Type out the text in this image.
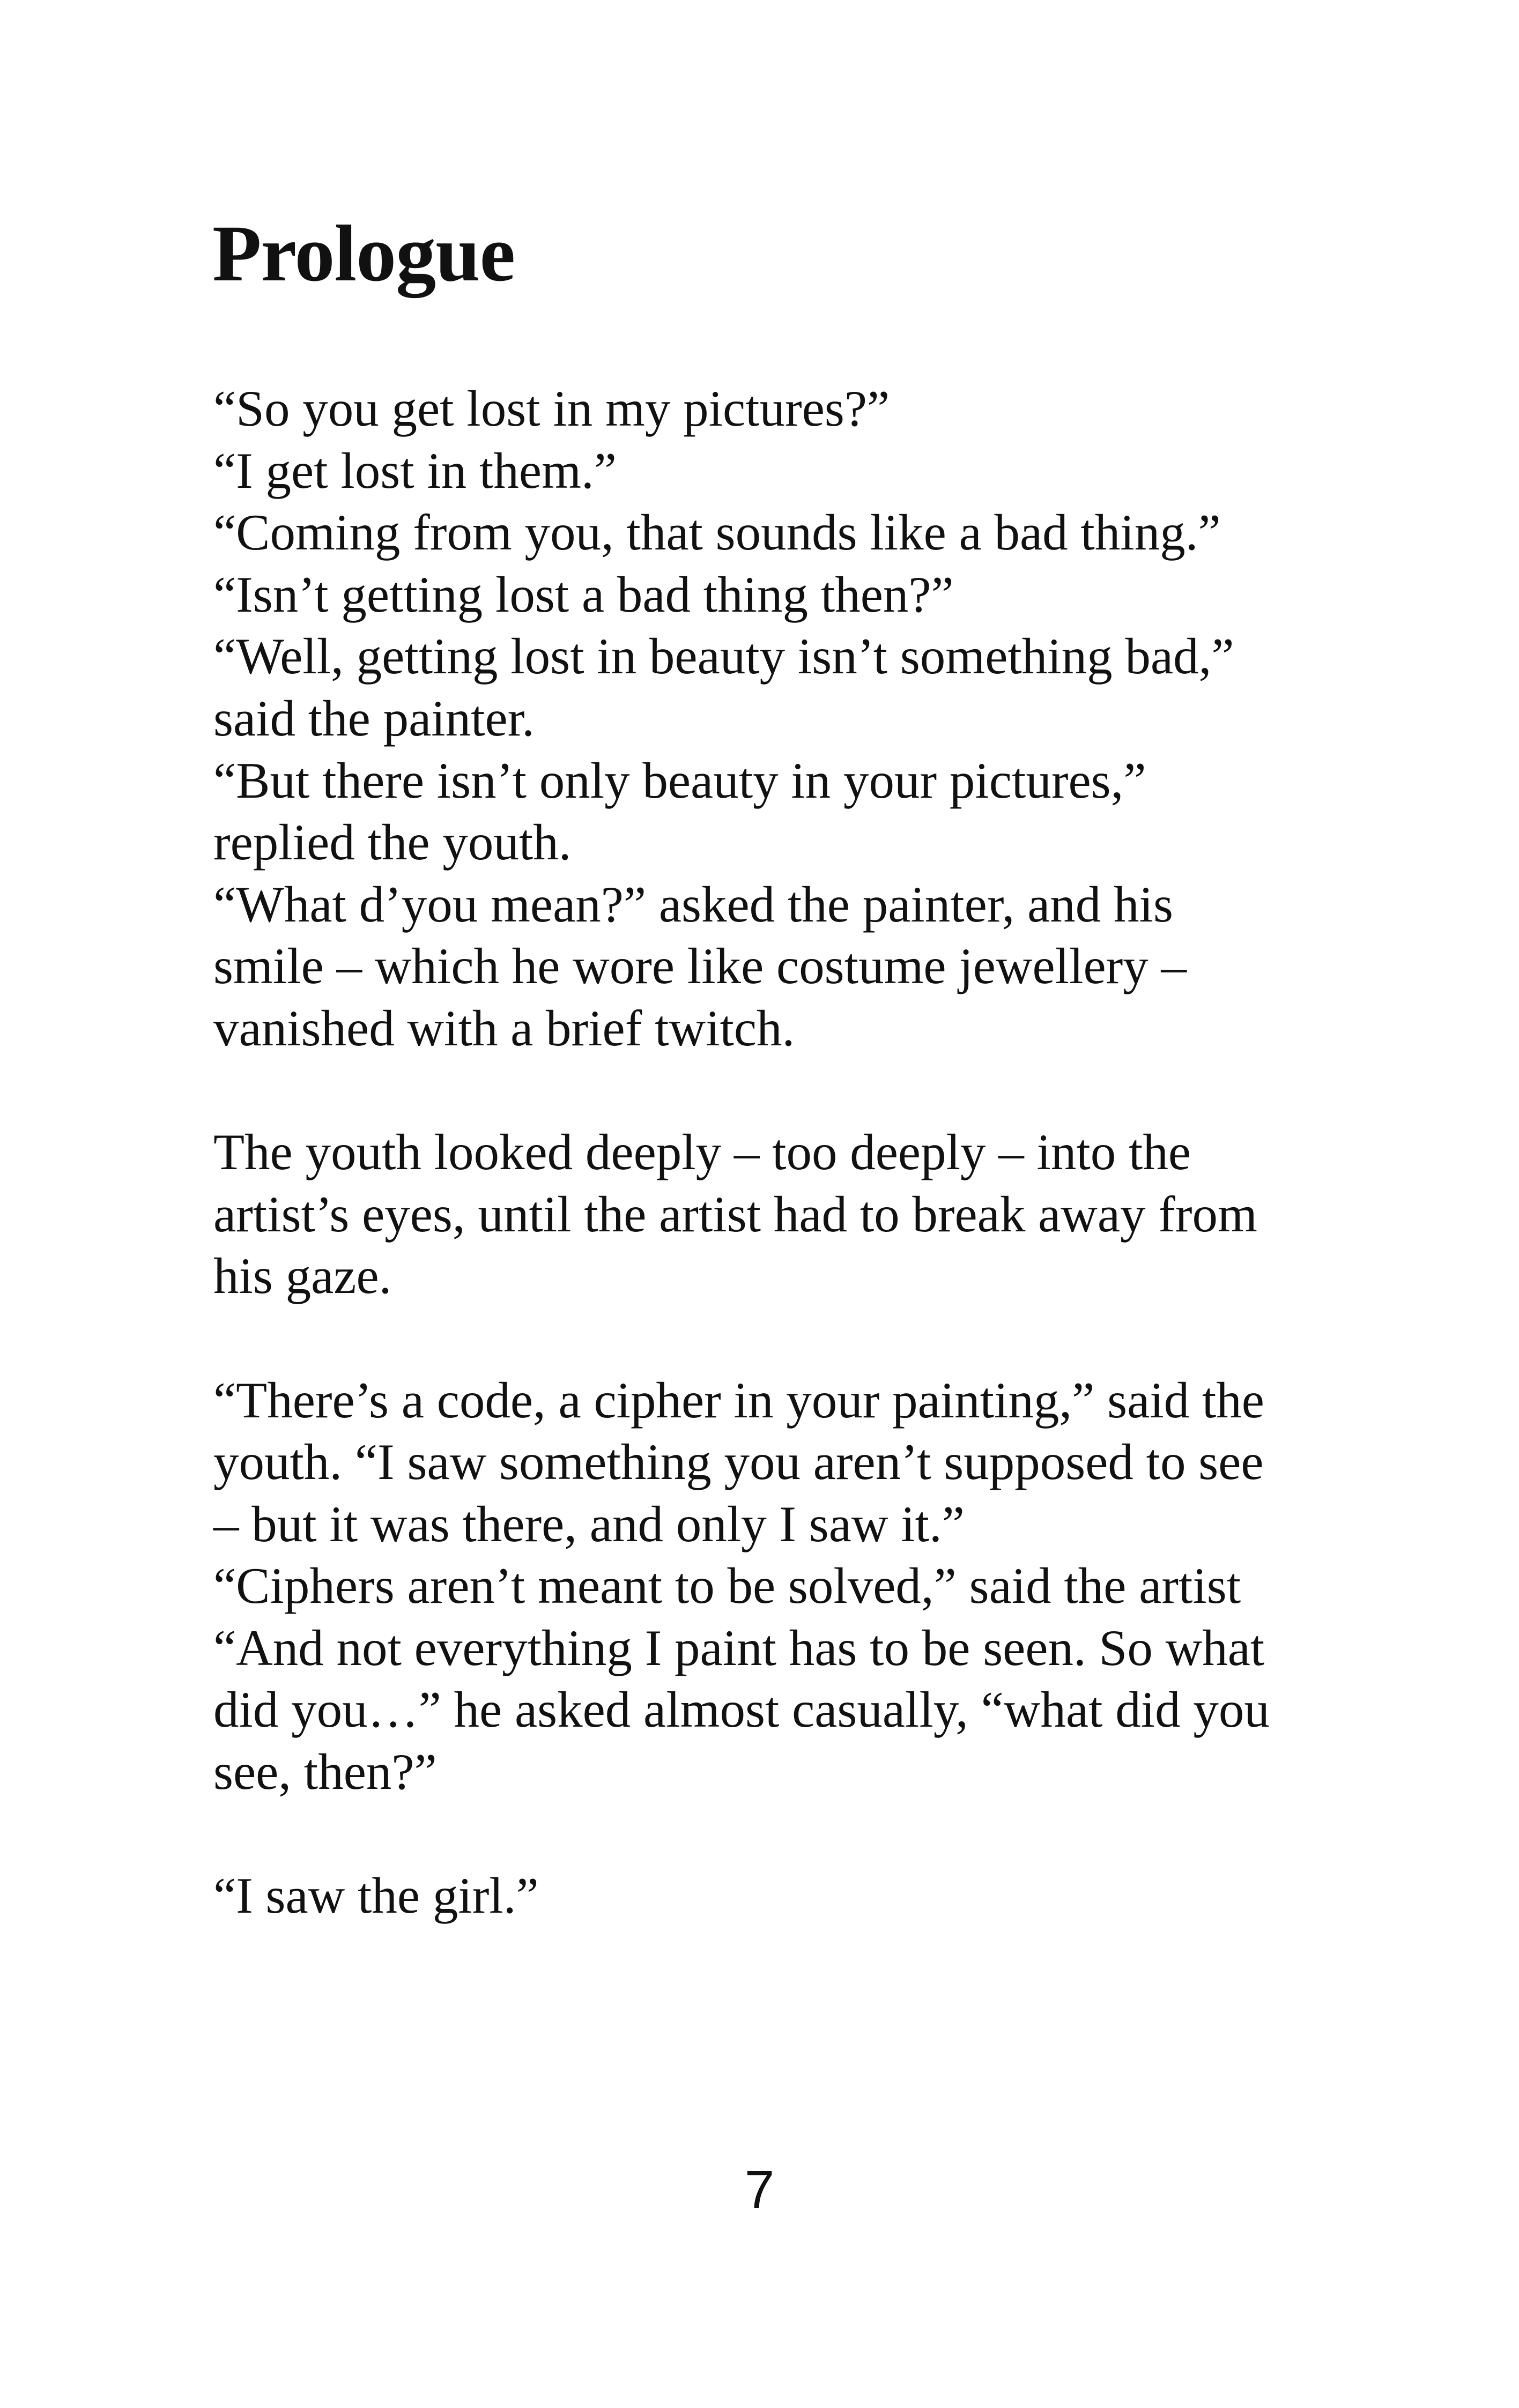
Prologue
“So you get lost in my pictures?”
“I get lost in them.”
“Coming from you, that sounds like a bad thing.”
“Isn’t getting lost a bad thing then?”
“Well, getting lost in beauty isn’t something bad,”
said the painter.
“But there isn’t only beauty in your pictures,”
replied the youth.
“What d’you mean?” asked the painter, and his
smile – which he wore like costume jewellery –
vanished with a brief twitch.
The youth looked deeply – too deeply – into the
artist’s eyes, until the artist had to break away from
his gaze.
“There’s a code, a cipher in your painting,” said the
youth. “I saw something you aren’t supposed to see
– but it was there, and only I saw it.”
“Ciphers aren’t meant to be solved,” said the artist
“And not everything I paint has to be seen. So what
did you…” he asked almost casually, “what did you
see, then?”
“I saw the girl.”
7
